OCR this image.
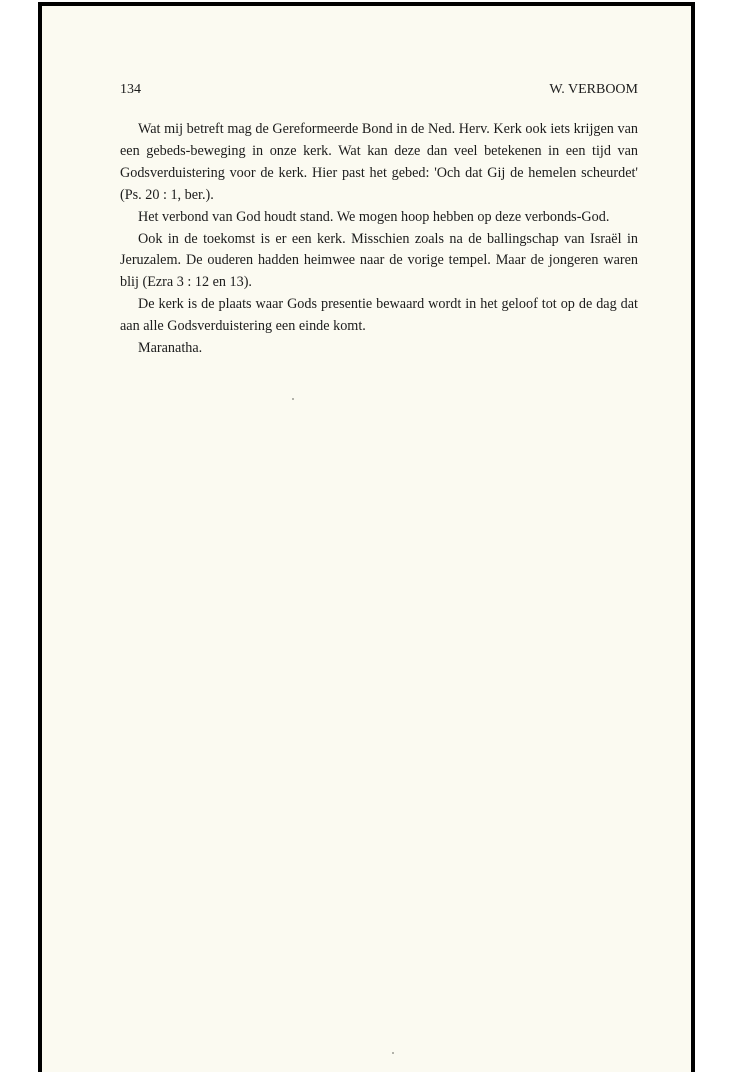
134	W. VERBOOM

Wat mij betreft mag de Gereformeerde Bond in de Ned. Herv. Kerk ook iets krijgen van een gebeds-beweging in onze kerk. Wat kan deze dan veel betekenen in een tijd van Godsverduistering voor de kerk. Hier past het gebed: 'Och dat Gij de hemelen scheurdet' (Ps. 20 : 1, ber.).

Het verbond van God houdt stand. We mogen hoop hebben op deze verbonds-God.

Ook in de toekomst is er een kerk. Misschien zoals na de ballingschap van Israël in Jeruzalem. De ouderen hadden heimwee naar de vorige tempel. Maar de jongeren waren blij (Ezra 3 : 12 en 13).

De kerk is de plaats waar Gods presentie bewaard wordt in het geloof tot op de dag dat aan alle Godsverduistering een einde komt.

Maranatha.
